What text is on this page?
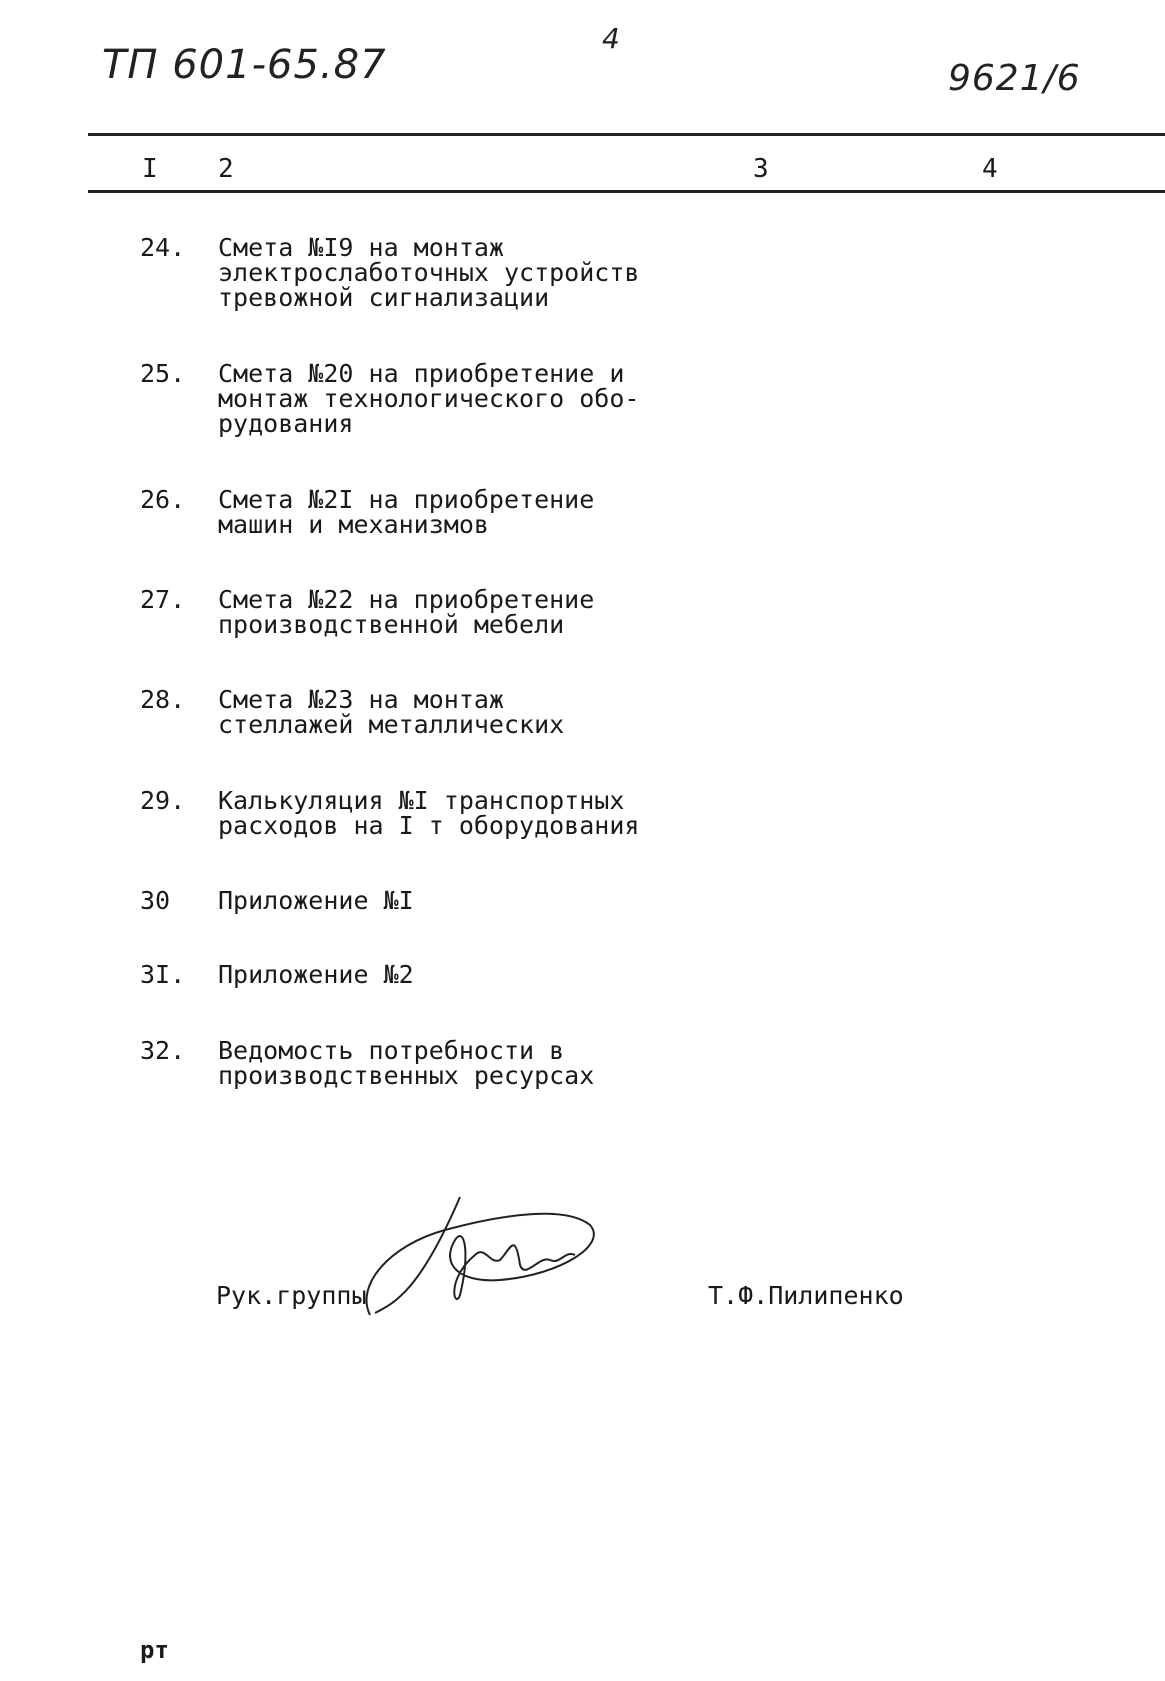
ТП 601-65.87
4
9621/6
I 2	3	4
24.	Смета №I9 на монтаж
электрослаботочных устройств
тревожной сигнализации
25.	Смета №20 на приобретение и
монтаж технологического обо-
рудования
26.	Смета №2I на приобретение
машин и механизмов
27.	Смета №22 на приобретение
производственной мебели
28.	Смета №23 на монтаж
стеллажей металлических
29.	Калькуляция №I транспортных
расходов на I т оборудования
30	Приложение №I
3I.	Приложение №2
32.	Ведомость потребности в
производственных ресурсах
Рук.группы	Т.Ф.Пилипенко
рт
